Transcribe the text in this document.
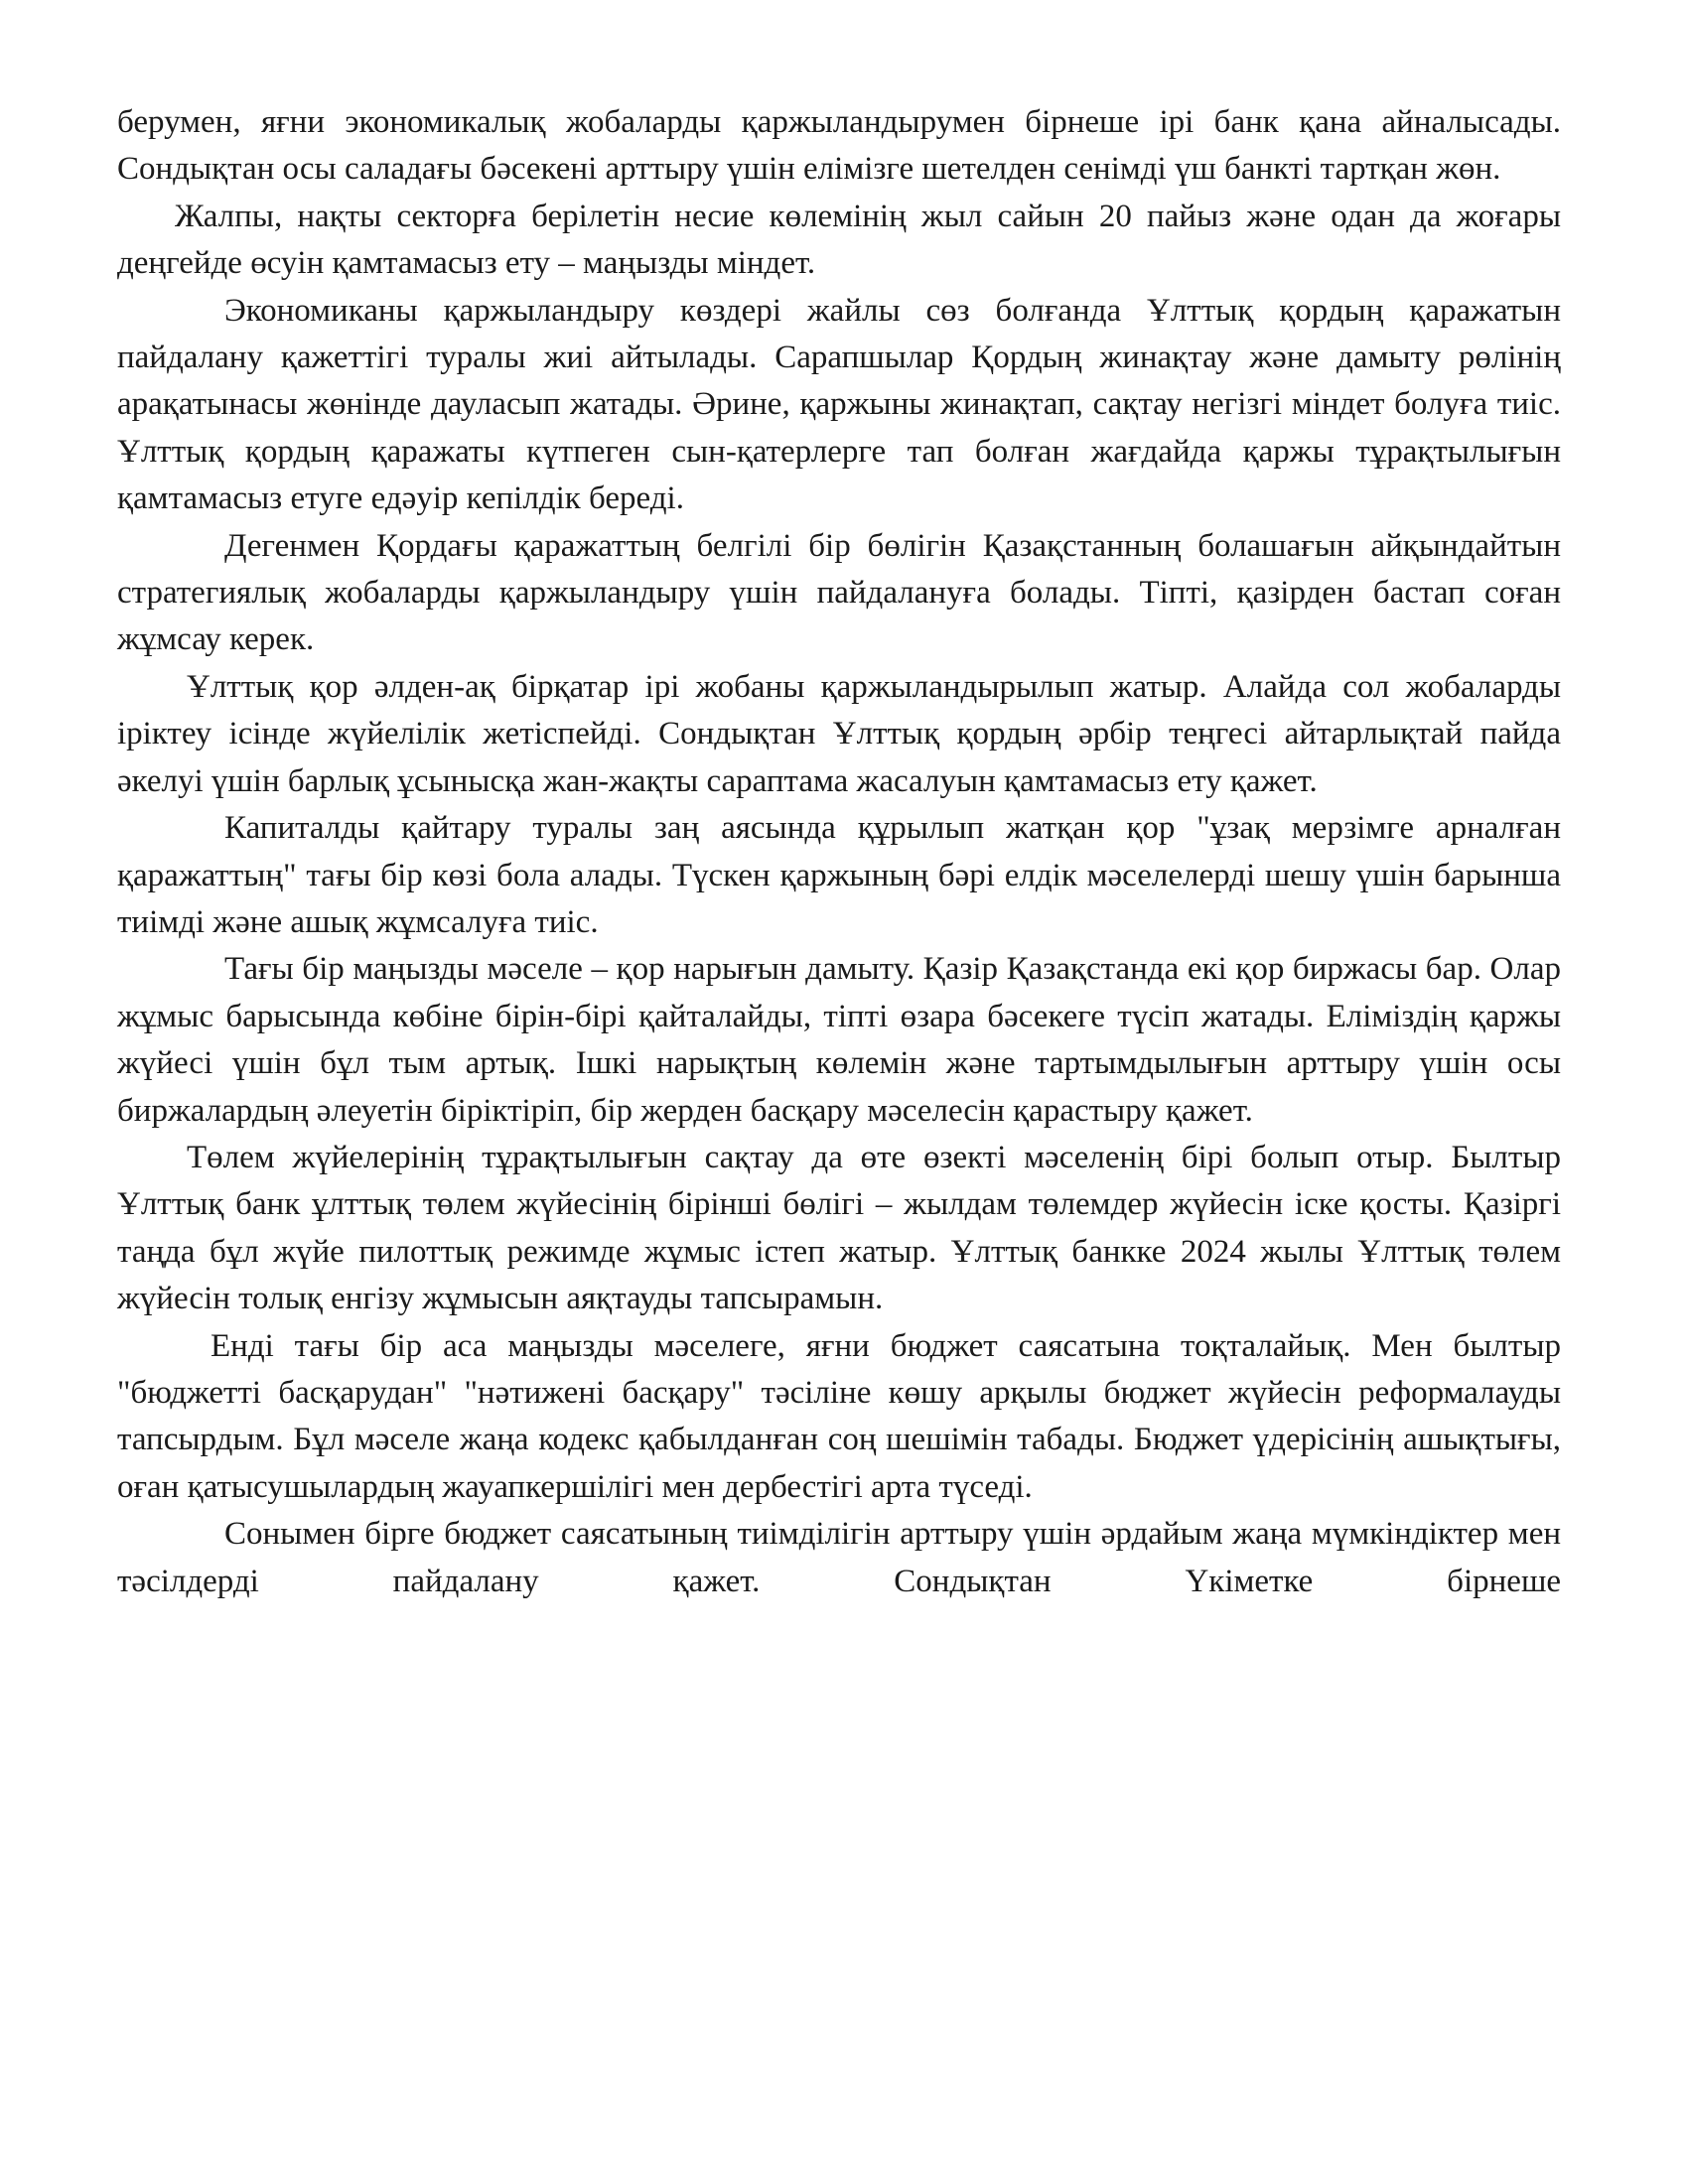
берумен, яғни экономикалық жобаларды қаржыландырумен бірнеше ірі банк қана айналысады. Сондықтан осы саладағы бәсекені арттыру үшін елімізге шетелден сенімді үш банкті тартқан жөн.

Жалпы, нақты секторға берілетін несие көлемінің жыл сайын 20 пайыз және одан да жоғары деңгейде өсуін қамтамасыз ету – маңызды міндет.

Экономиканы қаржыландыру көздері жайлы сөз болғанда Ұлттық қордың қаражатын пайдалану қажеттігі туралы жиі айтылады. Сарапшылар Қордың жинақтау және дамыту рөлінің арақатынасы жөнінде дауласып жатады. Әрине, қаржыны жинақтап, сақтау негізгі міндет болуға тиіс. Ұлттық қордың қаражаты күтпеген сын-қатерлерге тап болған жағдайда қаржы тұрақтылығын қамтамасыз етуге едәуір кепілдік береді.

Дегенмен Қордағы қаражаттың белгілі бір бөлігін Қазақстанның болашағын айқындайтын стратегиялық жобаларды қаржыландыру үшін пайдалануға болады. Тіпті, қазірден бастап соған жұмсау керек.

Ұлттық қор әлден-ақ бірқатар ірі жобаны қаржыландырылып жатыр. Алайда сол жобаларды іріктеу ісінде жүйелілік жетіспейді. Сондықтан Ұлттық қордың әрбір теңгесі айтарлықтай пайда әкелуі үшін барлық ұсынысқа жан-жақты сараптама жасалуын қамтамасыз ету қажет.

Капиталды қайтару туралы заң аясында құрылып жатқан қор "ұзақ мерзімге арналған қаражаттың" тағы бір көзі бола алады. Түскен қаржының бәрі елдік мәселелерді шешу үшін барынша тиімді және ашық жұмсалуға тиіс.

Тағы бір маңызды мәселе – қор нарығын дамыту. Қазір Қазақстанда екі қор биржасы бар. Олар жұмыс барысында көбіне бірін-бірі қайталайды, тіпті өзара бәсекеге түсіп жатады. Еліміздің қаржы жүйесі үшін бұл тым артық. Ішкі нарықтың көлемін және тартымдылығын арттыру үшін осы биржалардың әлеуетін біріктіріп, бір жерден басқару мәселесін қарастыру қажет.

Төлем жүйелерінің тұрақтылығын сақтау да өте өзекті мәселенің бірі болып отыр. Былтыр Ұлттық банк ұлттық төлем жүйесінің бірінші бөлігі – жылдам төлемдер жүйесін іске қосты. Қазіргі таңда бұл жүйе пилоттық режимде жұмыс істеп жатыр. Ұлттық банкке 2024 жылы Ұлттық төлем жүйесін толық енгізу жұмысын аяқтауды тапсырамын.

Енді тағы бір аса маңызды мәселеге, яғни бюджет саясатына тоқталайық. Мен былтыр "бюджетті басқарудан" "нәтижені басқару" тәсіліне көшу арқылы бюджет жүйесін реформалауды тапсырдым. Бұл мәселе жаңа кодекс қабылданған соң шешімін табады. Бюджет үдерісінің ашықтығы, оған қатысушылардың жауапкершілігі мен дербестігі арта түседі.

Сонымен бірге бюджет саясатының тиімділігін арттыру үшін әрдайым жаңа мүмкіндіктер мен тәсілдерді пайдалану қажет. Сондықтан Үкіметке бірнеше
